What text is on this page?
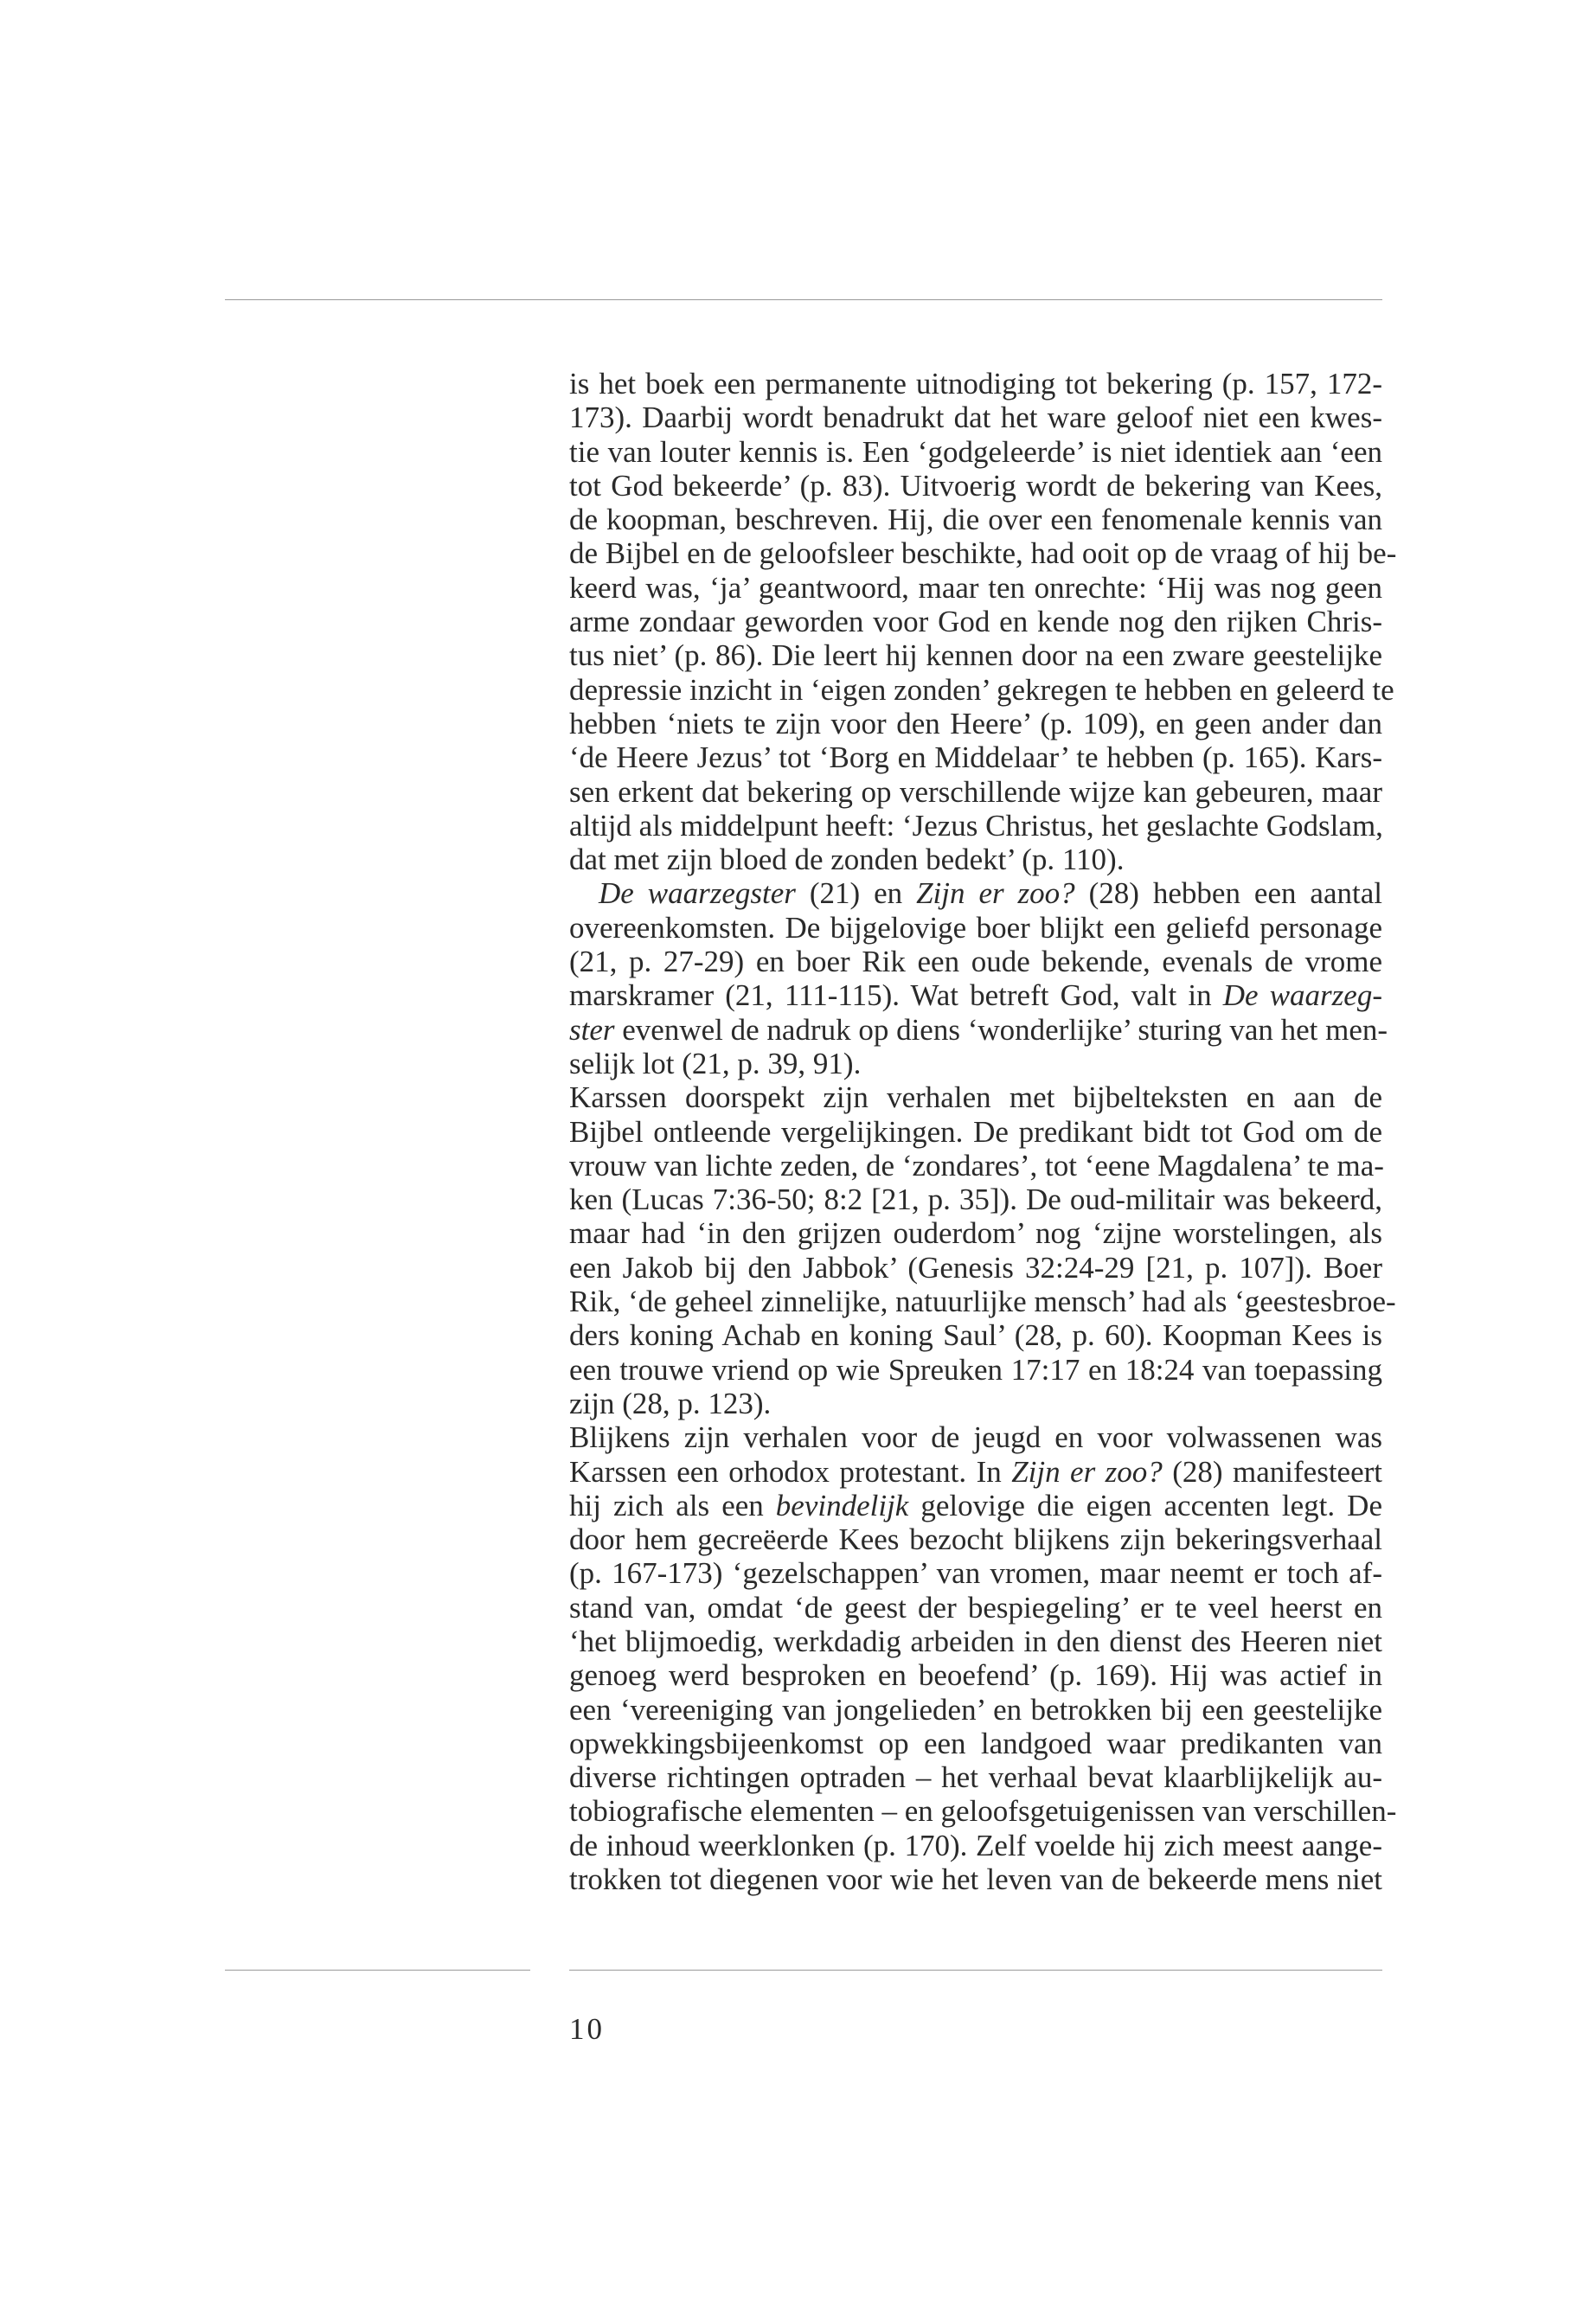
is het boek een permanente uitnodiging tot bekering (p. 157, 172-
173). Daarbij wordt benadrukt dat het ware geloof niet een kwes-
tie van louter kennis is. Een ‘godgeleerde’ is niet identiek aan ‘een
tot God bekeerde’ (p. 83). Uitvoerig wordt de bekering van Kees,
de koopman, beschreven. Hij, die over een fenomenale kennis van
de Bijbel en de geloofsleer beschikte, had ooit op de vraag of hij be-
keerd was, ‘ja’ geantwoord, maar ten onrechte: ‘Hij was nog geen
arme zondaar geworden voor God en kende nog den rijken Chris-
tus niet’ (p. 86). Die leert hij kennen door na een zware geestelijke
depressie inzicht in ‘eigen zonden’ gekregen te hebben en geleerd te
hebben ‘niets te zijn voor den Heere’ (p. 109), en geen ander dan
‘de Heere Jezus’ tot ‘Borg en Middelaar’ te hebben (p. 165). Kars-
sen erkent dat bekering op verschillende wijze kan gebeuren, maar
altijd als middelpunt heeft: ‘Jezus Christus, het geslachte Godslam,
dat met zijn bloed de zonden bedekt’ (p. 110).
De waarzegster (21) en Zijn er zoo? (28) hebben een aantal
overeenkomsten. De bijgelovige boer blijkt een geliefd personage
(21, p. 27-29) en boer Rik een oude bekende, evenals de vrome
marskramer (21, 111-115). Wat betreft God, valt in De waarzeg-
ster evenwel de nadruk op diens ‘wonderlijke’ sturing van het men-
selijk lot (21, p. 39, 91).
Karssen doorspekt zijn verhalen met bijbelteksten en aan de
Bijbel ontleende vergelijkingen. De predikant bidt tot God om de
vrouw van lichte zeden, de ‘zondares’, tot ‘eene Magdalena’ te ma-
ken (Lucas 7:36-50; 8:2 [21, p. 35]). De oud-militair was bekeerd,
maar had ‘in den grijzen ouderdom’ nog ‘zijne worstelingen, als
een Jakob bij den Jabbok’ (Genesis 32:24-29 [21, p. 107]). Boer
Rik, ‘de geheel zinnelijke, natuurlijke mensch’ had als ‘geestesbroe-
ders koning Achab en koning Saul’ (28, p. 60). Koopman Kees is
een trouwe vriend op wie Spreuken 17:17 en 18:24 van toepassing
zijn (28, p. 123).
Blijkens zijn verhalen voor de jeugd en voor volwassenen was
Karssen een orhodox protestant. In Zijn er zoo? (28) manifesteert
hij zich als een bevindelijk gelovige die eigen accenten legt. De
door hem gecreëerde Kees bezocht blijkens zijn bekeringsverhaal
(p. 167-173) ‘gezelschappen’ van vromen, maar neemt er toch af-
stand van, omdat ‘de geest der bespiegeling’ er te veel heerst en
‘het blijmoedig, werkdadig arbeiden in den dienst des Heeren niet
genoeg werd besproken en beoefend’ (p. 169). Hij was actief in
een ‘vereeniging van jongelieden’ en betrokken bij een geestelijke
opwekkingsbijeenkomst op een landgoed waar predikanten van
diverse richtingen optraden – het verhaal bevat klaarblijkelijk au-
tobiografische elementen – en geloofsgetuigenissen van verschillen-
de inhoud weerklonken (p. 170). Zelf voelde hij zich meest aange-
trokken tot diegenen voor wie het leven van de bekeerde mens niet
10
